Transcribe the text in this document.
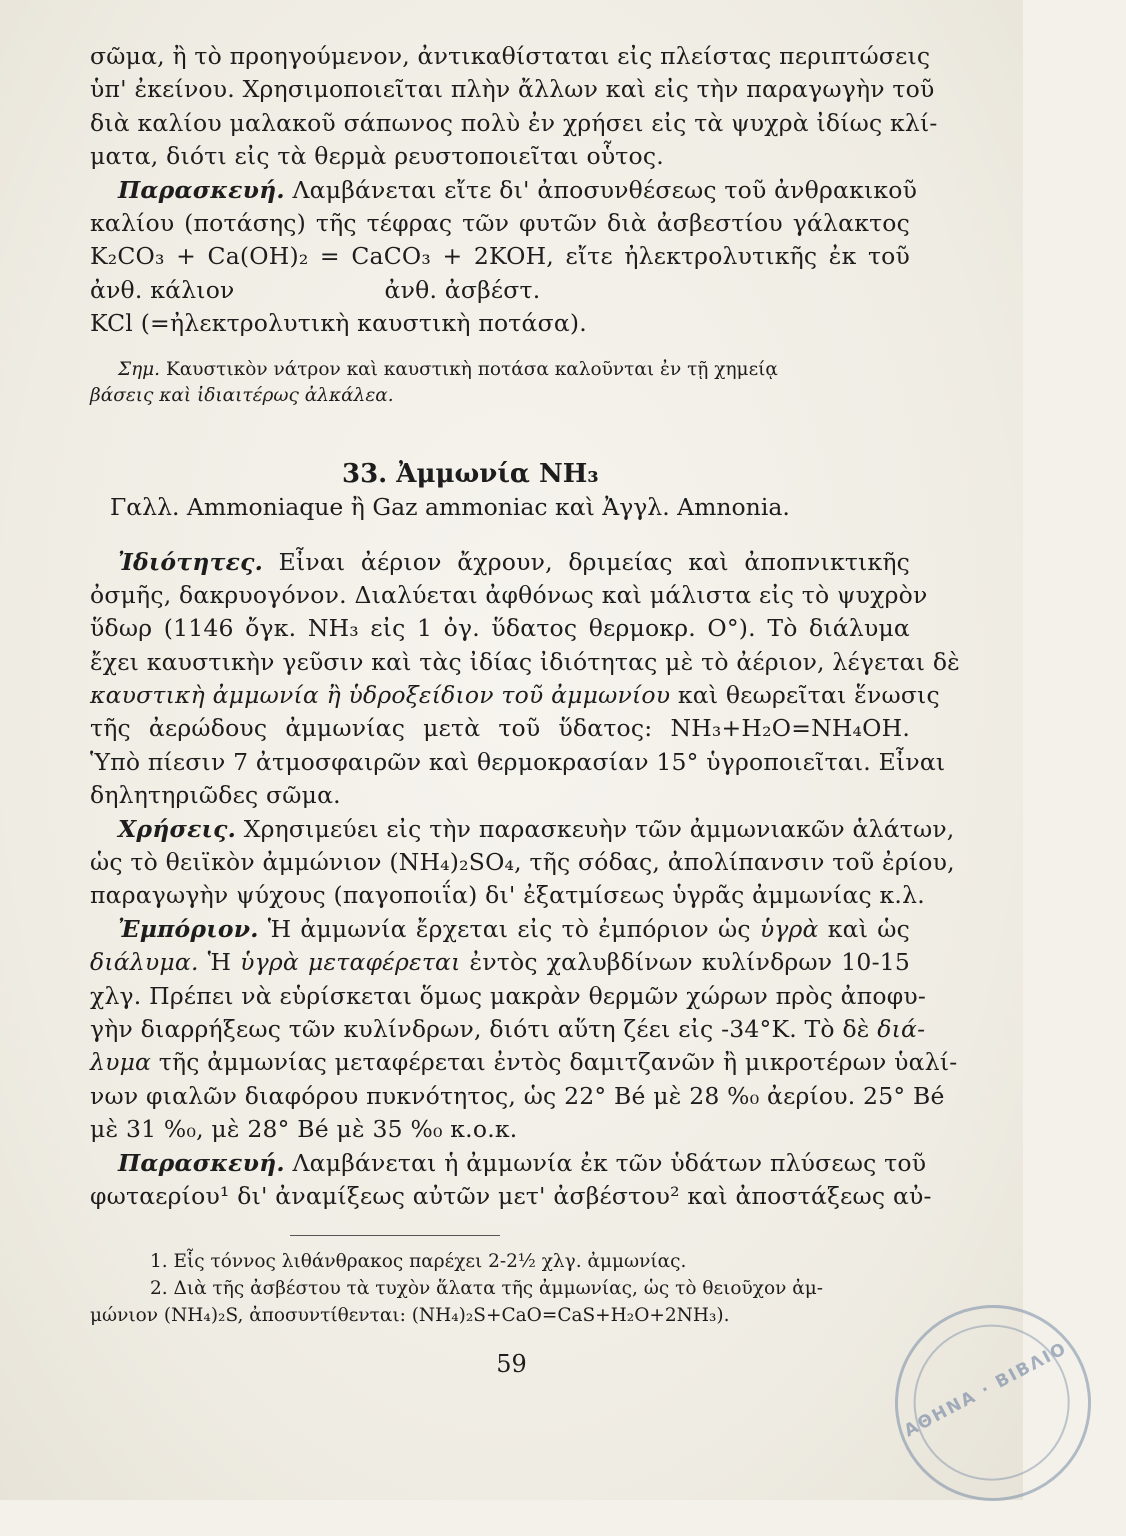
σῶμα, ἢ τὸ προηγούμενον, ἀντικαθίσταται εἰς πλείστας περιπτώσεις
ὑπ' ἐκείνου. Χρησιμοποιεῖται πλὴν ἄλλων καὶ εἰς τὴν παραγωγὴν τοῦ
διὰ καλίου μαλακοῦ σάπωνος πολὺ ἐν χρήσει εἰς τὰ ψυχρὰ ἰδίως κλί-
ματα, διότι εἰς τὰ θερμὰ ρευστοποιεῖται οὗτος.
Παρασκευή. Λαμβάνεται εἴτε δι' ἀποσυνθέσεως τοῦ ἀνθρακικοῦ
καλίου (ποτάσης) τῆς τέφρας τῶν φυτῶν διὰ ἀσβεστίου γάλακτος
K₂CO₃ + Ca(OH)₂ = CaCO₃ + 2KOH, εἴτε ἠλεκτρολυτικῆς ἐκ τοῦ
ἀνθ. κάλιον	ἀνθ. ἀσβέστ.
KCl (=ἠλεκτρολυτικὴ καυστικὴ ποτάσα).
Σημ. Καυστικὸν νάτρον καὶ καυστικὴ ποτάσα καλοῦνται ἐν τῇ χημείᾳ
βάσεις καὶ ἰδιαιτέρως ἀλκάλεα.
33. Ἀμμωνία NH₃
Γαλλ. Ammoniaque ἢ Gaz ammoniac καὶ Ἀγγλ. Amnonia.
Ἰδιότητες. Εἶναι ἀέριον ἄχρουν, δριμείας καὶ ἀποπνικτικῆς
ὀσμῆς, δακρυογόνον. Διαλύεται ἀφθόνως καὶ μάλιστα εἰς τὸ ψυχρὸν
ὕδωρ (1146 ὄγκ. NH₃ εἰς 1 ὀγ. ὕδατος θερμοκρ. O°). Τὸ διάλυμα
ἔχει καυστικὴν γεῦσιν καὶ τὰς ἰδίας ἰδιότητας μὲ τὸ ἀέριον, λέγεται δὲ
καυστικὴ ἀμμωνία ἢ ὑδροξείδιον τοῦ ἀμμωνίου καὶ θεωρεῖται ἕνωσις
τῆς ἀερώδους ἀμμωνίας μετὰ τοῦ ὕδατος: NH₃+H₂O=NH₄OH.
Ὑπὸ πίεσιν 7 ἀτμοσφαιρῶν καὶ θερμοκρασίαν 15° ὑγροποιεῖται. Εἶναι
δηλητηριῶδες σῶμα.
Χρήσεις. Χρησιμεύει εἰς τὴν παρασκευὴν τῶν ἀμμωνιακῶν ἁλάτων,
ὡς τὸ θειϊκὸν ἀμμώνιον (NH₄)₂SO₄, τῆς σόδας, ἀπολίπανσιν τοῦ ἐρίου,
παραγωγὴν ψύχους (παγοποιΐα) δι' ἐξατμίσεως ὑγρᾶς ἀμμωνίας κ.λ.
Ἐμπόριον. Ἡ ἀμμωνία ἔρχεται εἰς τὸ ἐμπόριον ὡς ὑγρὰ καὶ ὡς
διάλυμα. Ἡ ὑγρὰ μεταφέρεται ἐντὸς χαλυβδίνων κυλίνδρων 10-15
χλγ. Πρέπει νὰ εὑρίσκεται ὅμως μακρὰν θερμῶν χώρων πρὸς ἀποφυ-
γὴν διαρρήξεως τῶν κυλίνδρων, διότι αὕτη ζέει εἰς -34°K. Τὸ δὲ διά-
λυμα τῆς ἀμμωνίας μεταφέρεται ἐντὸς δαμιτζανῶν ἢ μικροτέρων ὑαλί-
νων φιαλῶν διαφόρου πυκνότητος, ὡς 22° Bé μὲ 28 %₀ ἀερίου. 25° Bé
μὲ 31 %₀, μὲ 28° Bé μὲ 35 %₀ κ.ο.κ.
Παρασκευή. Λαμβάνεται ἡ ἀμμωνία ἐκ τῶν ὑδάτων πλύσεως τοῦ
φωταερίου¹ δι' ἀναμίξεως αὐτῶν μετ' ἀσβέστου² καὶ ἀποστάξεως αὐ-
1. Εἷς τόννος λιθάνθρακος παρέχει 2-2½ χλγ. ἀμμωνίας.
2. Διὰ τῆς ἀσβέστου τὰ τυχὸν ἅλατα τῆς ἀμμωνίας, ὡς τὸ θειοῦχον ἀμ-
μώνιον (NH₄)₂S, ἀποσυντίθενται: (NH₄)₂S+CaO=CaS+H₂O+2NH₃).
59	ΑΘΗΝΑ · ΒΙΒΛΙΟ
